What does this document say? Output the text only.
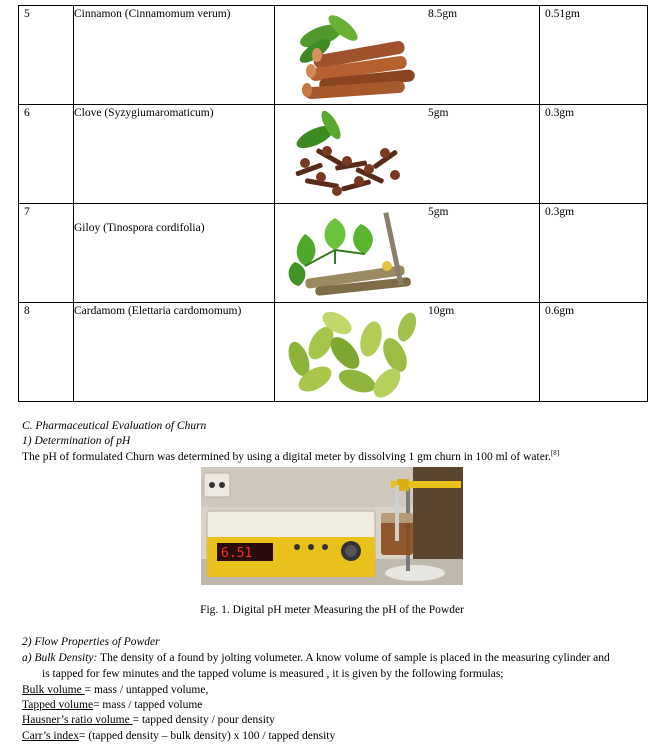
5	Cinnamon (Cinnamomum verum)		8.5gm	0.51gm

6	Clove (Syzygiumaromaticum)		5gm	0.3gm

7	Giloy (Tinospora cordifolia)		5gm	0.3gm

8	Cardamom (Elettaria cardomomum)		10gm	0.6gm
C. Pharmaceutical Evaluation of Churn
1) Determination of pH
The pH of formulated Churn was determined by using a digital meter by dissolving 1 gm churn in 100 ml of water.[8]
6.51
Fig. 1. Digital pH meter Measuring the pH of the Powder
2) Flow Properties of Powder
a) Bulk Density: The density of a found by jolting volumeter. A know volume of sample is placed in the measuring cylinder and
is tapped for few minutes and the tapped volume is measured , it is given by the following formulas;
Bulk volume = mass / untapped volume,
Tapped volume= mass / tapped volume
Hausner’s ratio volume = tapped density / pour density
Carr’s index= (tapped density – bulk density) x 100 / tapped density
